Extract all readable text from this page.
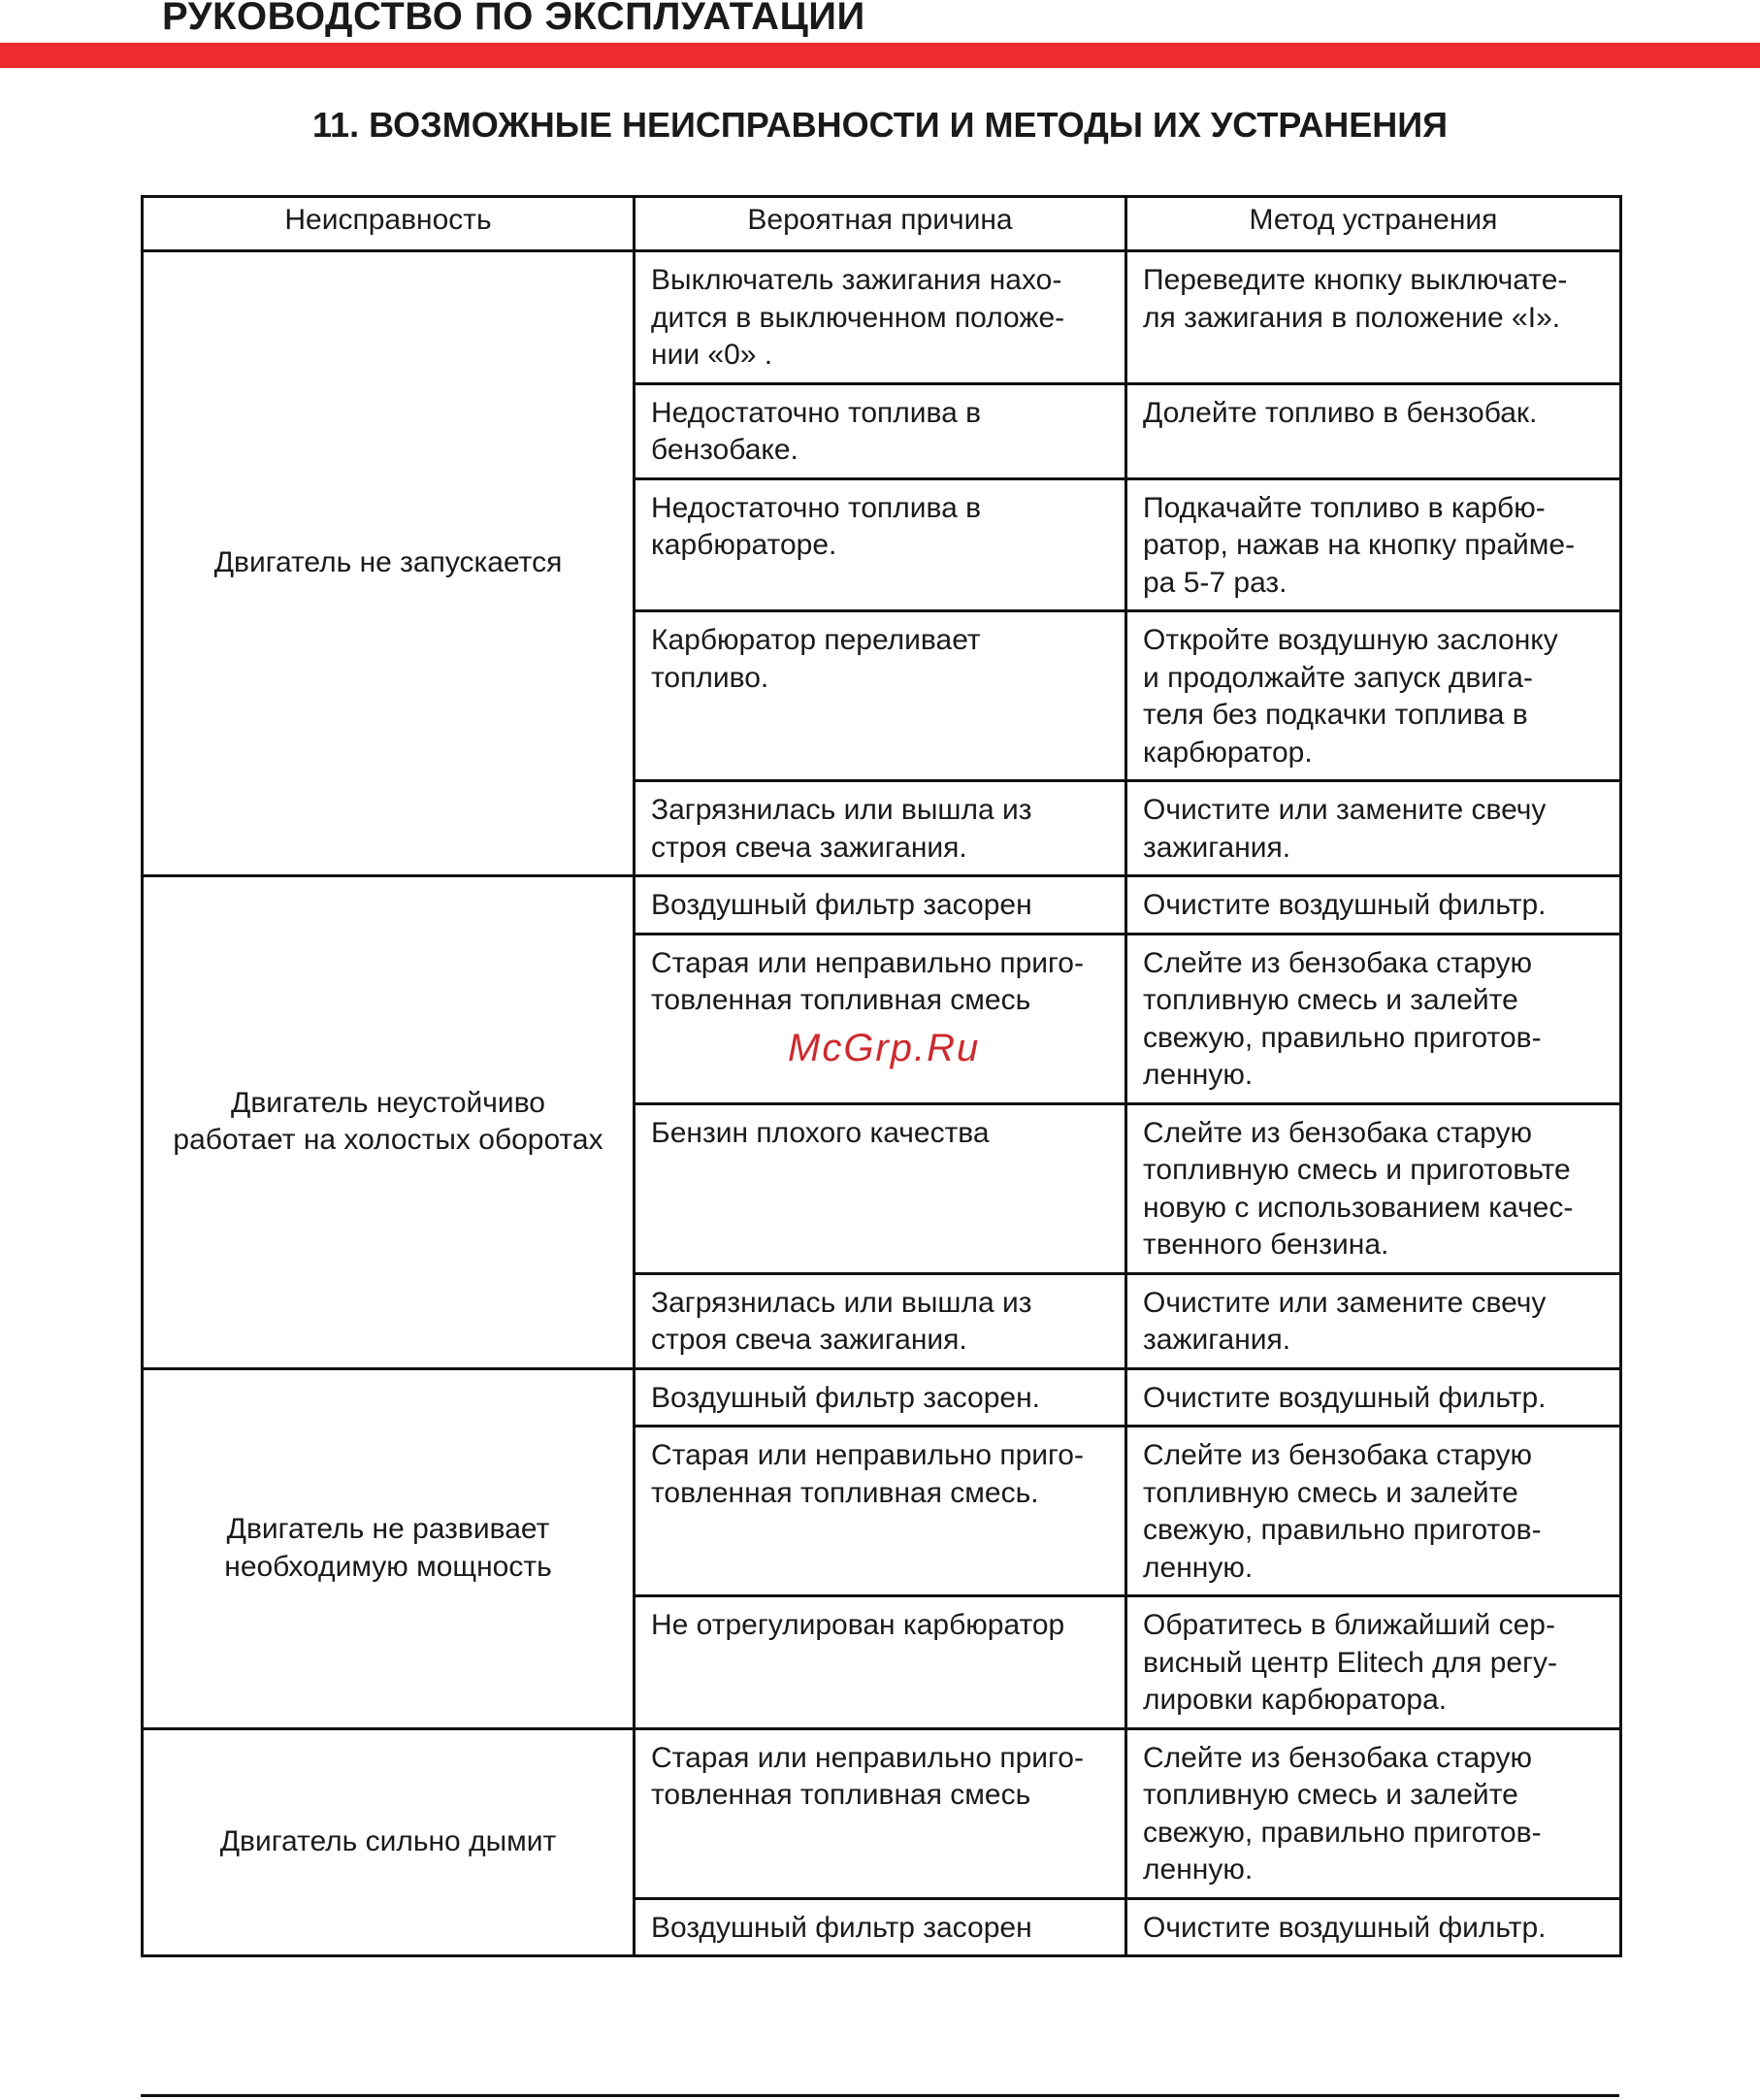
РУКОВОДСТВО ПО ЭКСПЛУАТАЦИИ
11. ВОЗМОЖНЫЕ НЕИСПРАВНОСТИ И МЕТОДЫ ИХ УСТРАНЕНИЯ
Неисправность	Вероятная причина	Метод устранения
Двигатель не запускается	Выключатель зажигания нахо-
дится в выключенном положе-
нии «0» .	Переведите кнопку выключате-
ля зажигания в положение «I».
	Недостаточно топлива в
бензобаке.	Долейте топливо в бензобак.
	Недостаточно топлива в
карбюраторе.	Подкачайте топливо в карбю-
ратор, нажав на кнопку прайме-
ра 5-7 раз.
	Карбюратор переливает
топливо.	Откройте воздушную заслонку
и продолжайте запуск двига-
теля без подкачки топлива в
карбюратор.
	Загрязнилась или вышла из
строя свеча зажигания.	Очистите или замените свечу
зажигания.
Двигатель неустойчиво
работает на холостых оборотах	Воздушный фильтр засорен	Очистите воздушный фильтр.
	Старая или неправильно приго-
товленная топливная смесь	Слейте из бензобака старую
топливную смесь и залейте
свежую, правильно приготов-
ленную.
	Бензин плохого качества	Слейте из бензобака старую
топливную смесь и приготовьте
новую с использованием качес-
твенного бензина.
	Загрязнилась или вышла из
строя свеча зажигания.	Очистите или замените свечу
зажигания.
Двигатель не развивает
необходимую мощность	Воздушный фильтр засорен.	Очистите воздушный фильтр.
	Старая или неправильно приго-
товленная топливная смесь.	Слейте из бензобака старую
топливную смесь и залейте
свежую, правильно приготов-
ленную.
	Не отрегулирован карбюратор	Обратитесь в ближайший сер-
висный центр Elitech для регу-
лировки карбюратора.
Двигатель сильно дымит	Старая или неправильно приго-
товленная топливная смесь	Слейте из бензобака старую
топливную смесь и залейте
свежую, правильно приготов-
ленную.
	Воздушный фильтр засорен	Очистите воздушный фильтр.
McGrp.Ru
